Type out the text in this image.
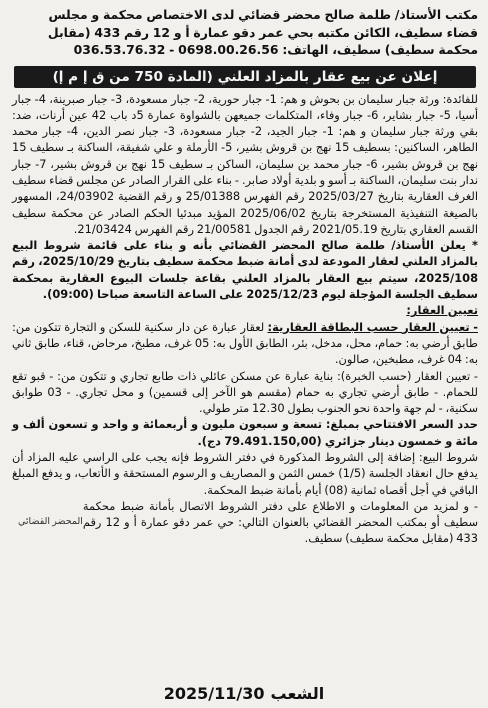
مكتب الأستاذ/ طلمة صالح محضر قضائي لدى الاختصاص محكمة و مجلس
قضاء سطيف، الكائن مكتبه بحي عمر دقو عمارة أ و 12 رقم 433 (مقابل
محكمة سطيف) سطيف، الهاتف: 036.53.76.32 - 0698.00.26.56
إعلان عن بيع عقار بالمزاد العلني (المادة 750 من ق إ م إ)

للفائدة: ورثة جبار سليمان بن بحوش و هم: 1- جبار حورية، 2- جبار مسعودة، 3- جبار صبرينة، 4- جبار أسيا، 5- جبار بشاير، 6- جبار وفاء، المتكلمات جميعهن بالشواوة عمارة 5د باب 42 عين أرنات، ضد: بقي ورثة جبار سليمان و هم: 1- جبار الجيد، 2- جبار مسعودة، 3- جبار نصر الدين، 4- جبار محمد الطاهر، الساكنين: بسطيف 15 نهج بن قروش بشير، 5- الأرملة و علي شفيقة، الساكنة بـ سطيف 15 نهج بن قروش بشير، 6- جبار محمد بن سليمان، الساكن بـ سطيف 15 نهج بن قروش بشير، 7- جبار ندار بنت سليمان، الساكنة بـ أسو و بلدية أولاد صابر. - بناء على القرار الصادر عن مجلس قضاء سطيف الغرف العقارية بتاريخ 2025/03/27 رقم الفهرس 25/01388 و رقم القضية 24/03902، المسهور بالصيغة التنفيذية المستخرجة بتاريخ 2025/06/02 المؤيد مبدئيا الحكم الصادر عن محكمة سطيف القسم العقاري بتاريخ 2021/05.19 رقم الجدول 21/00581 رقم الفهرس 21/03424.

* يعلن الأستاذ/ طلمة صالح المحضر القضائي بأنه و بناء على قائمة شروط البيع بالمزاد العلني لعقار المودعة لدى أمانة ضبط محكمة سطيف بتاريخ 2025/10/29، رقم 2025/108، سيتم بيع العقار بالمزاد العلني بقاعة جلسات البيوع العقارية بمحكمة سطيف الجلسة المؤجلة ليوم 2025/12/23 على الساعة التاسعة صباحا (09:00).

تعيين العقار:

- تعيين العقار حسب البطاقة العقارية: لعقار عبارة عن دار سكنية للسكن و التجارة تتكون من: طابق أرضي به: حمام، محل، مدخل، بئر، الطابق الأول به: 05 غرف، مطبخ، مرحاض، قناء، طابق ثاني به: 04 غرف، مطبخين، صالون.

- تعيين العقار (حسب الخبرة): بناية عبارة عن مسكن عائلي ذات طابع تجاري و تتكون من: - قبو تقع للحمام. - طابق أرضي تجاري به حمام (مقسم هو الآخر إلى قسمين) و محل تجاري. - 03 طوابق سكنية، - لم جهة واحدة نحو الجنوب بطول 12.30 متر طولي.

حدد السعر الافتتاحي بمبلغ: تسعة و سبعون مليون و أربعمائة و واحد و تسعون ألف و مائة و خمسون دينار جزائري (79.491.150,00 دج).

شروط البيع: إضافة إلى الشروط المذكورة في دفتر الشروط فإنه يجب على الراسي عليه المزاد أن يدفع حال انعقاد الجلسة (1/5) خمس الثمن و المصاريف و الرسوم المستحقة و الأتعاب، و يدفع المبلغ الباقي في أجل أقصاه ثمانية (08) أيام بأمانة ضبط المحكمة.

- و لمزيد من المعلومات و الاطلاع على دفتر الشروط الاتصال بأمانة ضبط محكمة سطيف أو بمكتب المحضر القضائي بالعنوان التالي: حي عمر دقو عمارة أ و 12 رقم 433 (مقابل محكمة سطيف) سطيف.

المحضر القضائي
الشعب
2025/11/30
